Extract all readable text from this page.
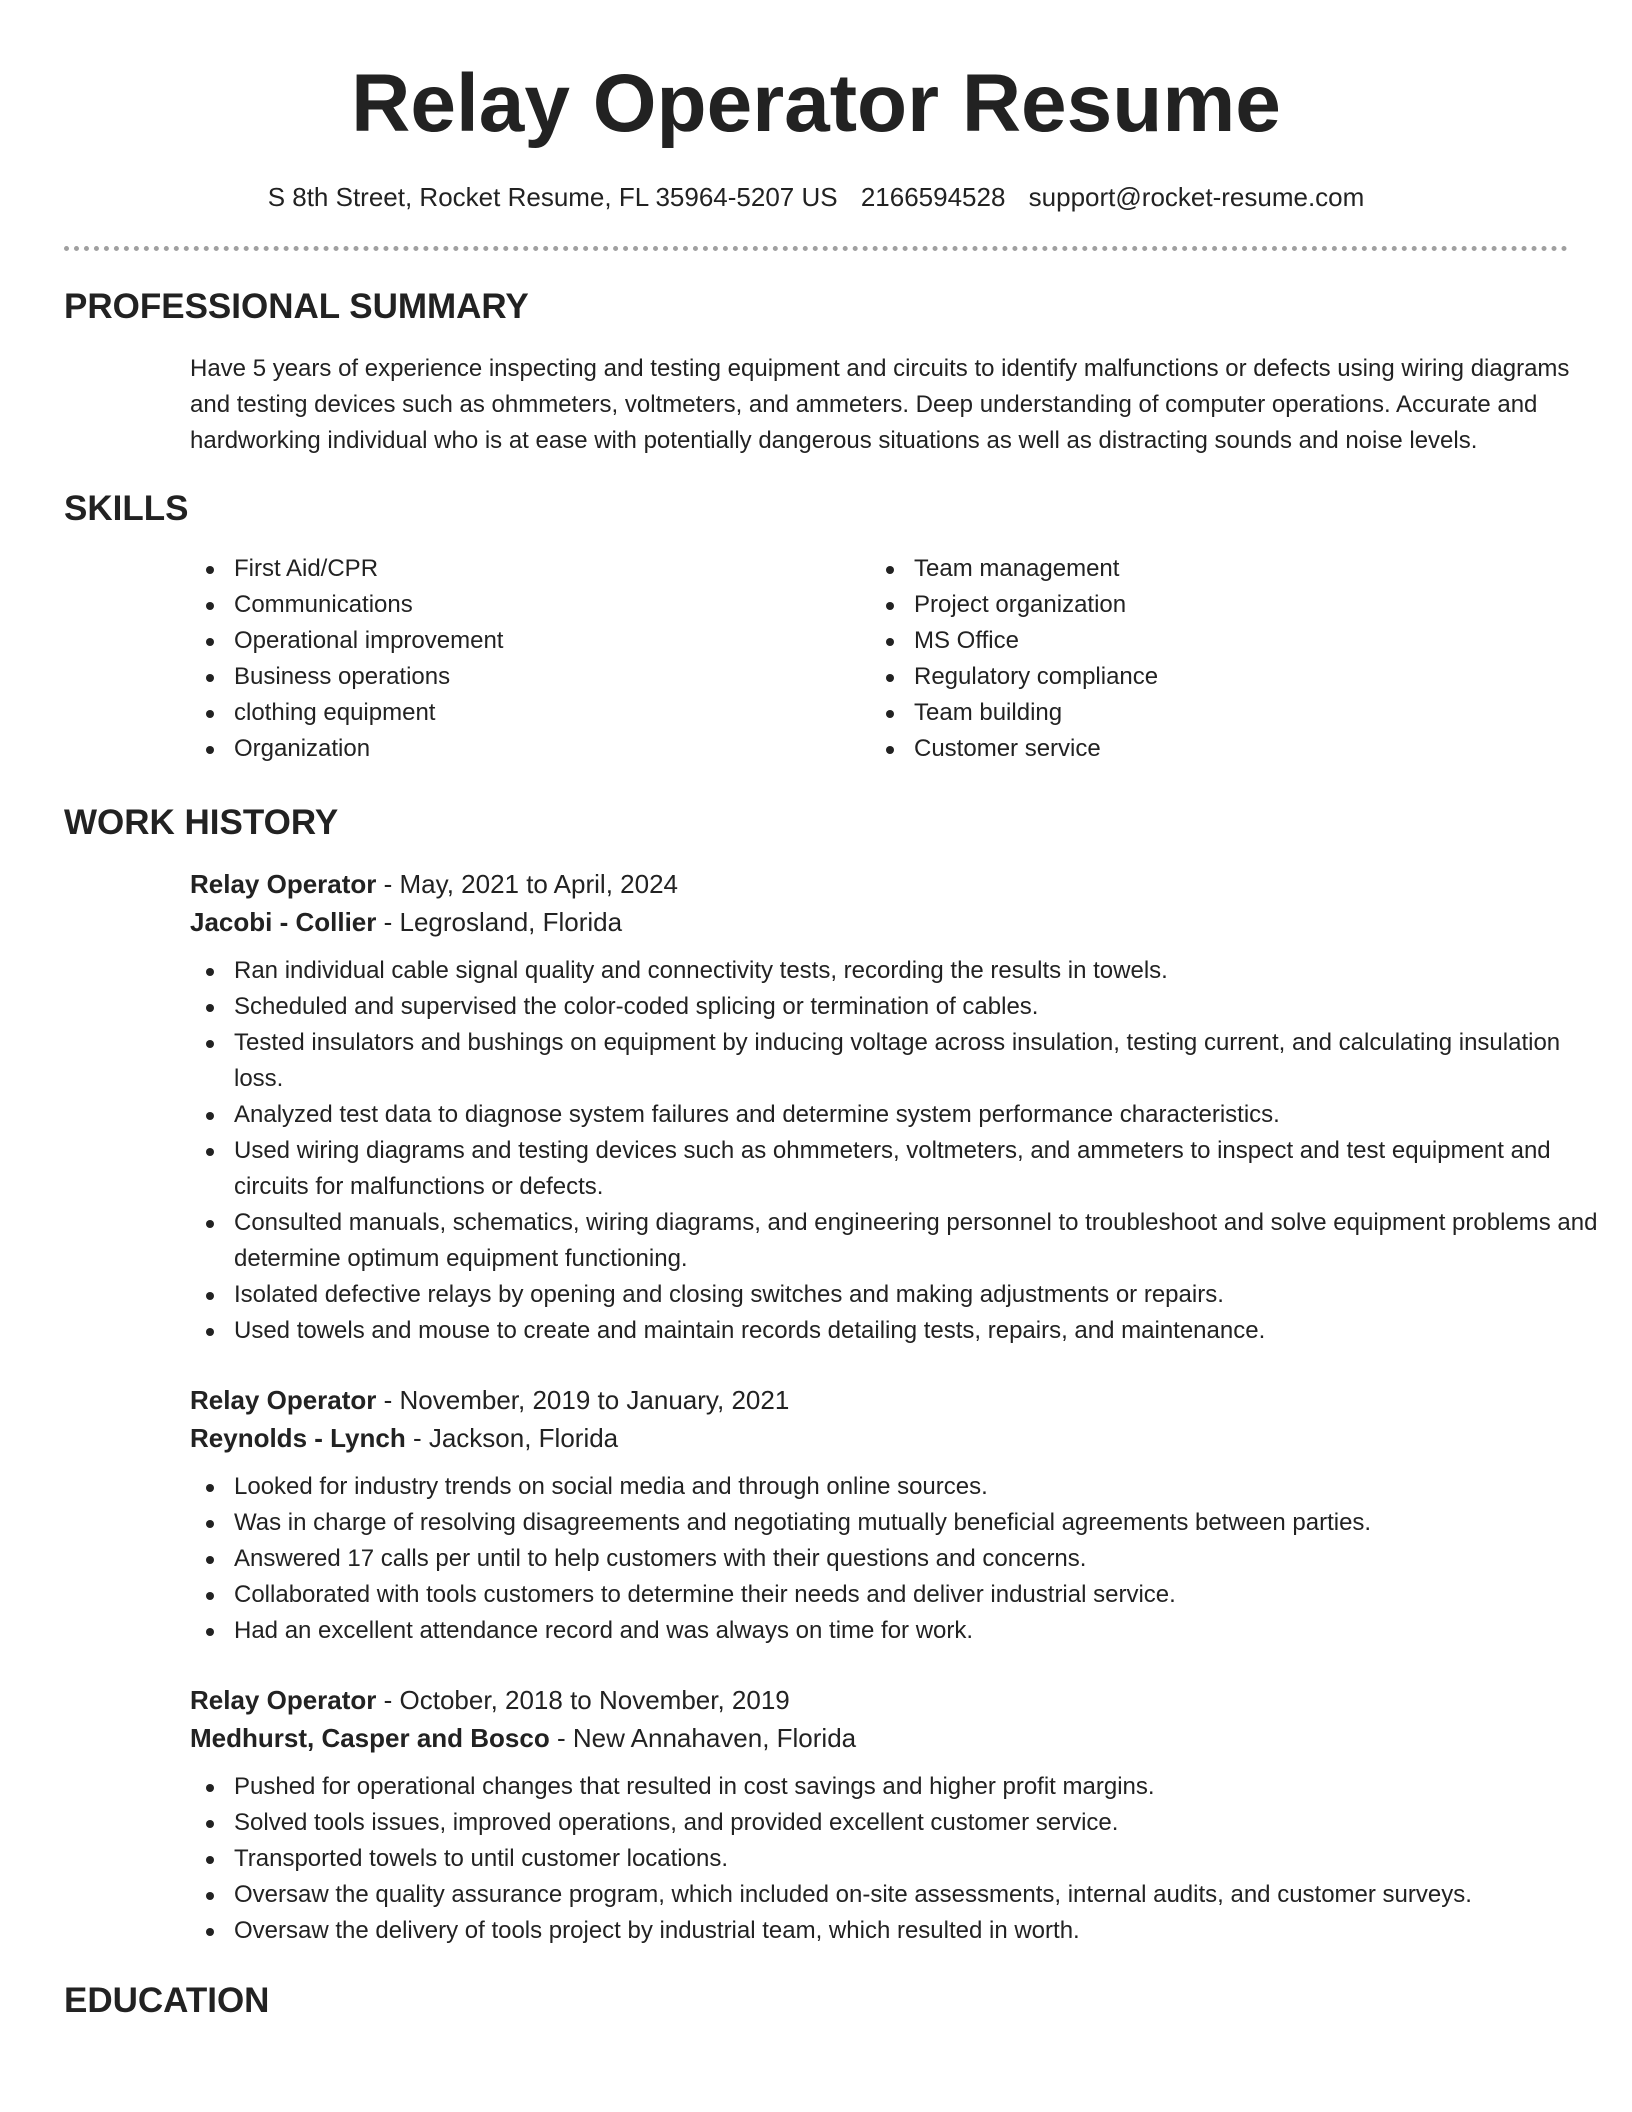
Relay Operator Resume
S 8th Street, Rocket Resume, FL 35964-5207 US 2166594528 support@rocket-resume.com
PROFESSIONAL SUMMARY

Have 5 years of experience inspecting and testing equipment and circuits to identify malfunctions or defects using wiring diagrams and testing devices such as ohmmeters, voltmeters, and ammeters. Deep understanding of computer operations. Accurate and hardworking individual who is at ease with potentially dangerous situations as well as distracting sounds and noise levels.

SKILLS
First Aid/CPR
Communications
Operational improvement
Business operations
clothing equipment
Organization
Team management
Project organization
MS Office
Regulatory compliance
Team building
Customer service
WORK HISTORY
Relay Operator - May, 2021 to April, 2024
Jacobi - Collier - Legrosland, Florida
Ran individual cable signal quality and connectivity tests, recording the results in towels.
Scheduled and supervised the color-coded splicing or termination of cables.
Tested insulators and bushings on equipment by inducing voltage across insulation, testing current, and calculating insulation loss.
Analyzed test data to diagnose system failures and determine system performance characteristics.
Used wiring diagrams and testing devices such as ohmmeters, voltmeters, and ammeters to inspect and test equipment and circuits for malfunctions or defects.
Consulted manuals, schematics, wiring diagrams, and engineering personnel to troubleshoot and solve equipment problems and determine optimum equipment functioning.
Isolated defective relays by opening and closing switches and making adjustments or repairs.
Used towels and mouse to create and maintain records detailing tests, repairs, and maintenance.
Relay Operator - November, 2019 to January, 2021
Reynolds - Lynch - Jackson, Florida
Looked for industry trends on social media and through online sources.
Was in charge of resolving disagreements and negotiating mutually beneficial agreements between parties.
Answered 17 calls per until to help customers with their questions and concerns.
Collaborated with tools customers to determine their needs and deliver industrial service.
Had an excellent attendance record and was always on time for work.
Relay Operator - October, 2018 to November, 2019
Medhurst, Casper and Bosco - New Annahaven, Florida
Pushed for operational changes that resulted in cost savings and higher profit margins.
Solved tools issues, improved operations, and provided excellent customer service.
Transported towels to until customer locations.
Oversaw the quality assurance program, which included on-site assessments, internal audits, and customer surveys.
Oversaw the delivery of tools project by industrial team, which resulted in worth.
EDUCATION
